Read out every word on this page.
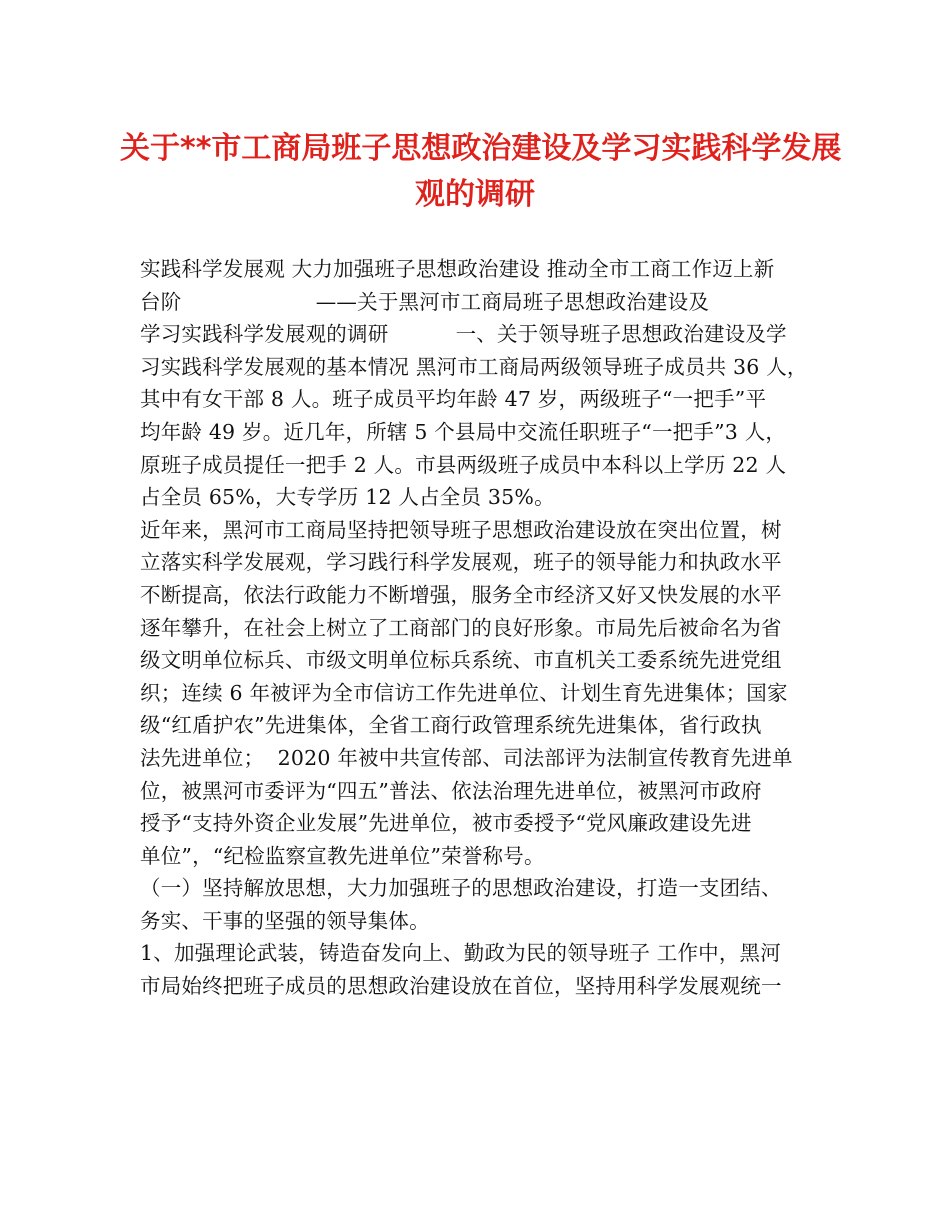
关于**市工商局班子思想政治建设及学习实践科学发展
观的调研
实践科学发展观 大力加强班子思想政治建设 推动全市工商工作迈上新
台阶                    ——关于黑河市工商局班子思想政治建设及
学习实践科学发展观的调研          一、关于领导班子思想政治建设及学
习实践科学发展观的基本情况 黑河市工商局两级领导班子成员共 36 人，
其中有女干部 8 人。班子成员平均年龄 47 岁，两级班子“一把手”平
均年龄 49 岁。近几年，所辖 5 个县局中交流任职班子“一把手”3 人，
原班子成员提任一把手 2 人。市县两级班子成员中本科以上学历 22 人
占全员 65%，大专学历 12 人占全员 35%。
近年来，黑河市工商局坚持把领导班子思想政治建设放在突出位置，树
立落实科学发展观，学习践行科学发展观，班子的领导能力和执政水平
不断提高，依法行政能力不断增强，服务全市经济又好又快发展的水平
逐年攀升，在社会上树立了工商部门的良好形象。市局先后被命名为省
级文明单位标兵、市级文明单位标兵系统、市直机关工委系统先进党组
织；连续 6 年被评为全市信访工作先进单位、计划生育先进集体；国家
级“红盾护农”先进集体，全省工商行政管理系统先进集体，省行政执
法先进单位；  2020 年被中共宣传部、司法部评为法制宣传教育先进单
位，被黑河市委评为“四五”普法、依法治理先进单位，被黑河市政府
授予“支持外资企业发展”先进单位，被市委授予“党风廉政建设先进
单位”，“纪检监察宣教先进单位”荣誉称号。
（一）坚持解放思想，大力加强班子的思想政治建设，打造一支团结、
务实、干事的坚强的领导集体。
1、加强理论武装，铸造奋发向上、勤政为民的领导班子 工作中，黑河
市局始终把班子成员的思想政治建设放在首位，坚持用科学发展观统一
